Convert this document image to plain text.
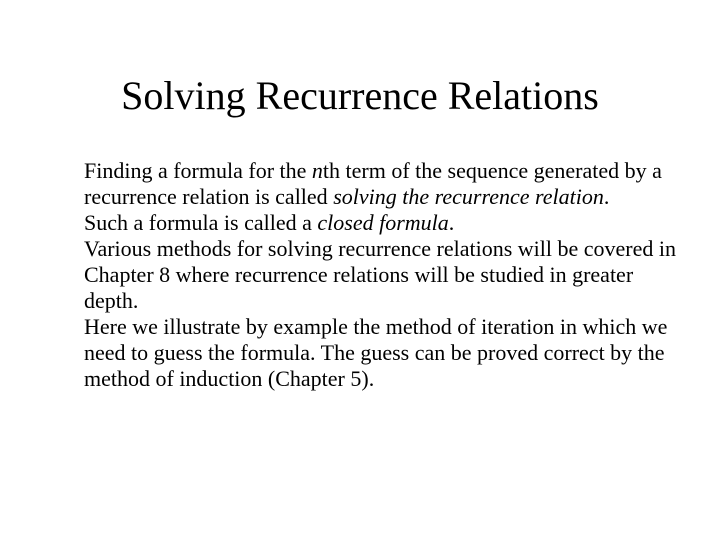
Solving Recurrence Relations

Finding a formula for the nth term of the sequence generated by a recurrence relation is called solving the recurrence relation.

Such a formula is called a closed formula.

Various methods for solving recurrence relations will be covered in Chapter 8 where recurrence relations will be studied in greater depth.

Here we illustrate by example the method of iteration in which we need to guess the formula. The guess can be proved correct by the method of induction (Chapter 5).
